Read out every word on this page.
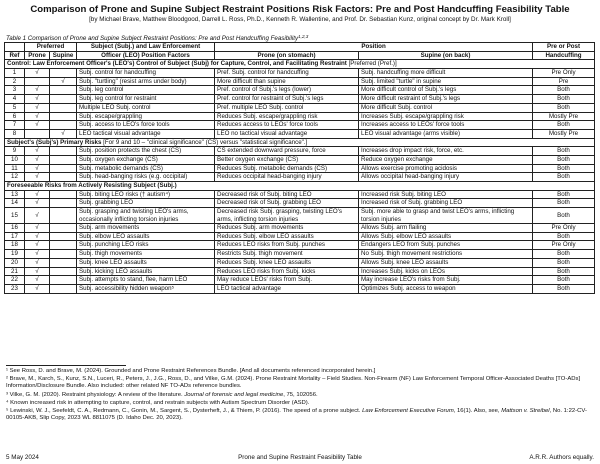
Comparison of Prone and Supine Subject Restraint Positions Risk Factors: Pre and Post Handcuffing Feasibility Table
[by Michael Brave, Matthew Bloodgood, Darrell L. Ross, Ph.D., Kenneth R. Wallentine, and Prof. Dr. Sebastian Kunz, original concept by Dr. Mark Kroll]
Table 1 Comparison of Prone and Supine Subject Restraint Positions: Pre and Post Handcuffing Feasibility$^{1,2,3}$
	Preferred		Subject (Subj.) and Law Enforcement	Position		Pre or Post
Ref	Prone	Supine	Officer (LEO) Position Factors	Prone (on stomach)	Supine (on back)	Handcuffing
Control: Law Enforcement Officer's (LEO's) Control of Subject (Subj) for Capture, Control, and Facilitating Restraint [Preferred (Pref.)]						
1	√		Subj. control for handcuffing	Pref. Subj. control for handcuffing	Subj. handcuffing more difficult	Pre Only
2		√	Subj. "turtling" (resist arms under body)	More difficult than supine	Subj. limited "turtle" in supine	Pre
3	√		Subj. leg control	Pref. control of Subj.'s legs (lower)	More difficult control of Subj.'s legs	Both
4	√		Subj. leg control for restraint	Pref. control for restraint of Subj.'s legs	More difficult restraint of Subj.'s legs	Both
5	√		Multiple LEO Subj. control	Pref. multiple LEO Subj. control	More difficult Subj. control	Both
6	√		Subj. escape/grappling	Reduces Subj. escape/grappling risk	Increases Subj. escape/grappling risk	Mostly Pre
7	√		Subj. access to LEO's force tools	Reduces access to LEOs' force tools	Increases access to LEOs' force tools	Both
8		√	LEO tactical visual advantage	LEO no tactical visual advantage	LEO visual advantage (arms visible)	Mostly Pre
Subject's (Subj's) Primary Risks [For 9 and 10 – "clinical significance" (CS) versus "statistical significance".]						
9	√		Subj. position protects the chest (CS)	CS extended downward pressure, force	Increases drop impact risk, force, etc.	Both
10	√		Subj. oxygen exchange (CS)	Better oxygen exchange (CS)	Reduce oxygen exchange	Both
11	√		Subj. metabolic demands (CS)	Reduces Subj. metabolic demands (CS)	Allows exercise promoting acidosis	Both
12	√		Subj. head-banging risks (e.g. occipital)	Reduces occipital head-banging injury	Allows occipital head-banging injury	Both
Foreseeable Risks from Actively Resisting Subject (Subj.)						
13	√		Subj. biting LEO risks († autism⁴)	Decreased risk of Subj. biting LEO	Increased risk Subj. biting LEO	Both
14	√		Subj. grabbing LEO	Decreased risk of Subj. grabbing LEO	Increased risk of Subj. grabbing LEO	Both
15	√		Subj. grasping and twisting LEO's arms, occasionally inflicting torsion injuries	Decreased risk Subj. grasping, twisting LEO's arms, inflicting torsion injuries	Subj. more able to grasp and twist LEO's arms, inflicting torsion injuries	Both
16	√		Subj. arm movements	Reduces Subj. arm movements	Allows Subj. arm flailing	Pre Only
17	√		Subj. elbow LEO assaults	Reduces Subj. elbow LEO assaults	Allows Subj. elbow LEO assaults	Both
18	√		Subj. punching LEO risks	Reduces LEO risks from Subj. punches	Endangers LEO from Subj. punches	Pre Only
19	√		Subj. thigh movements	Restricts Subj. thigh movement	No Subj. thigh movement restrictions	Both
20	√		Subj. knee LEO assaults	Reduces Subj. knee LEO assaults	Allows Subj. knee LEO assaults	Both
21	√		Subj. kicking LEO assaults	Reduces LEO risks from Subj. kicks	Increases Subj. kicks on LEOs	Both
22	√		Subj. attempts to stand, flee, harm LEO	May reduce LEOs' risks from Subj.	May increase LEO's risks from Subj.	Both
23	√		Subj. accessibility hidden weapon⁵	LEO tactical advantage	Optimizes Subj. access to weapon	Both
¹ See Ross, D. and Brave, M. (2024). Grounded and Prone Restraint References Bundle. [And all documents referenced incorporated herein.]
² Brave, M., Karch, S., Kunz, S.N., Luceri, R., Peters, J., J.G., Ross, D., and Vilke, G.M. (2024). Prone Restraint Mortality – Field Studies. Non-Firearm (NF) Law Enforcement Temporal Officer-Associated Deaths [TO-ADs] Information/Disclosure Bundle. Also included: other related NF TO-ADs reference bundles.
³ Vilke, G. M. (2020). Restraint physiology: A review of the literature. Journal of forensic and legal medicine, 75, 102056.
⁴ Known increased risk in attempting to capture, control, and restrain subjects with Autism Spectrum Disorder (ASD).
⁵ Lewinski, W. J., Seefeldt, C. A., Redmann, C., Gonin, M., Sargent, S., Dysterheft, J., & Thiem, P. (2016). The speed of a prone subject. Law Enforcement Executive Forum, 16(1). Also, see, Mattson v. Streibel, No. 1:22-CV-00105-AKB, Slip Copy, 2023 WL 8811075 (D. Idaho Dec. 20, 2023).
5 May 2024	Prone and Supine Restraint Feasibility Table	A.R.R. Authors equally.
